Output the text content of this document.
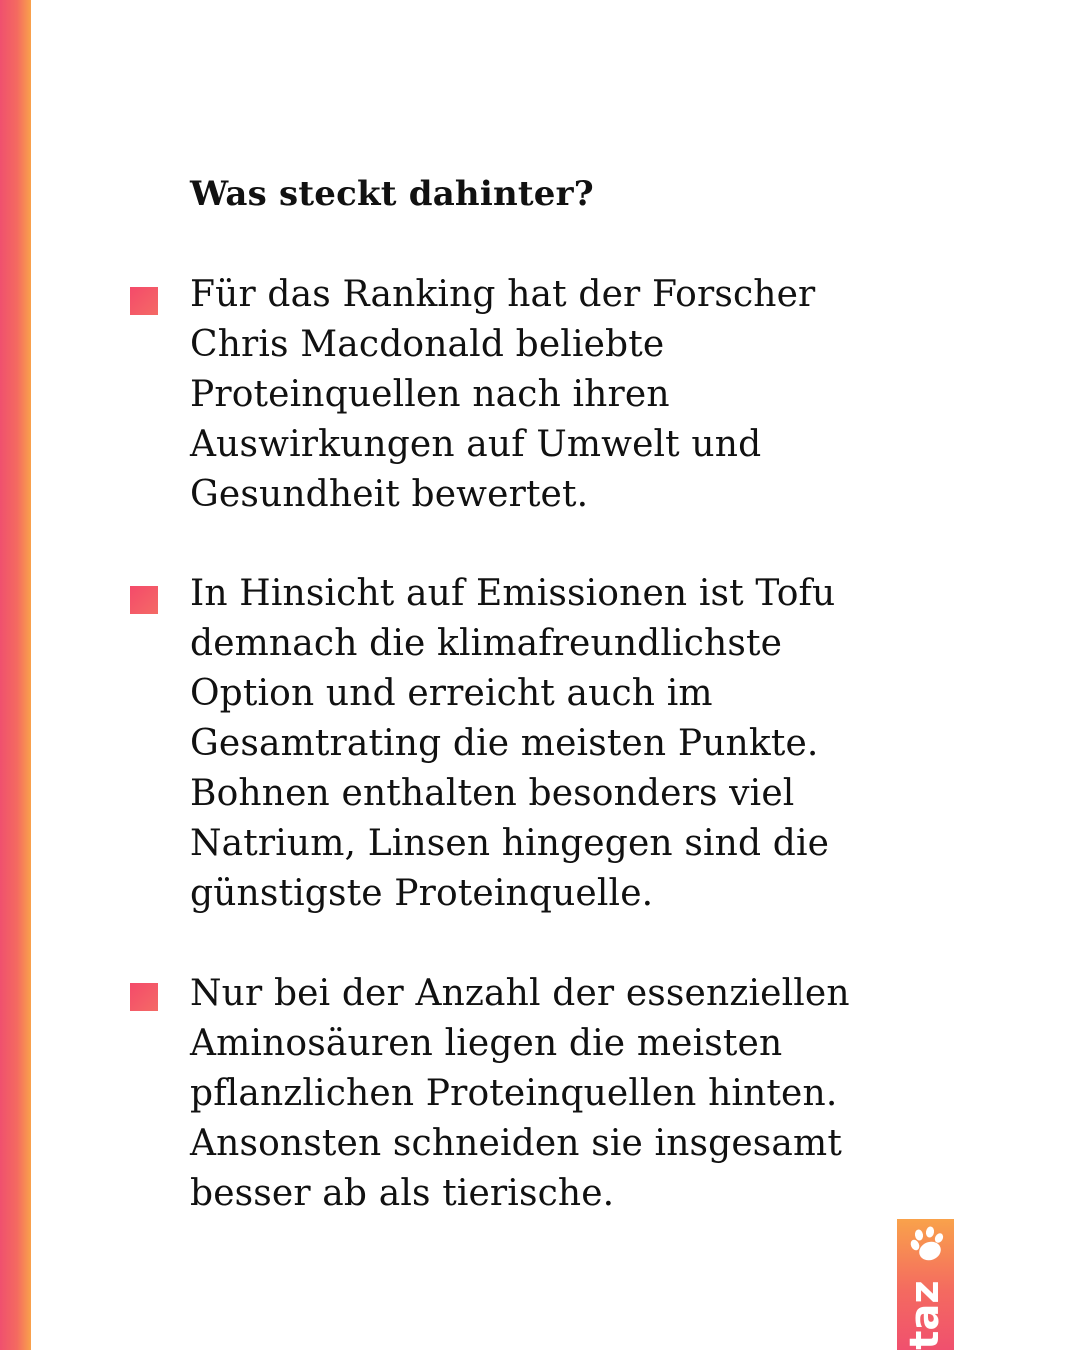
Was steckt dahinter?

Für das Ranking hat der Forscher
Chris Macdonald beliebte
Proteinquellen nach ihren
Auswirkungen auf Umwelt und
Gesundheit bewertet.

In Hinsicht auf Emissionen ist Tofu
demnach die klimafreundlichste
Option und erreicht auch im
Gesamtrating die meisten Punkte.
Bohnen enthalten besonders viel
Natrium, Linsen hingegen sind die
günstigste Proteinquelle.

Nur bei der Anzahl der essenziellen
Aminosäuren liegen die meisten
pflanzlichen Proteinquellen hinten.
Ansonsten schneiden sie insgesamt
besser ab als tierische.

taz
